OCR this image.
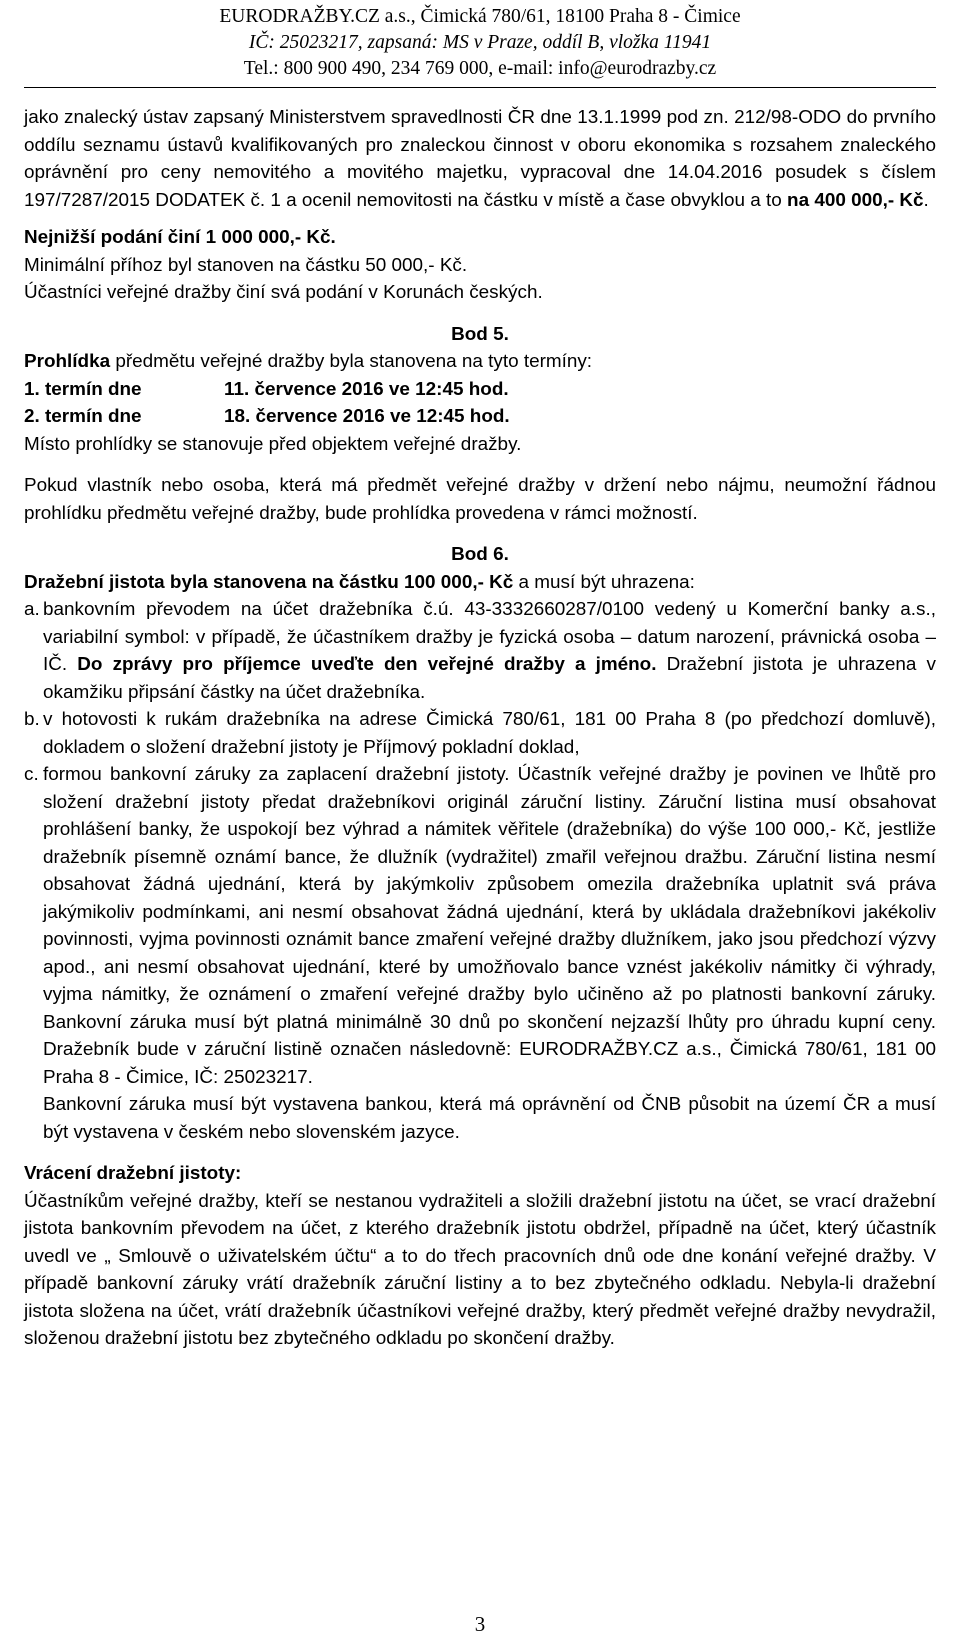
EURODRAŽBY.CZ a.s., Čimická 780/61, 18100 Praha 8 - Čimice
IČ: 25023217, zapsaná: MS v Praze, oddíl B, vložka 11941
Tel.: 800 900 490, 234 769 000, e-mail: info@eurodrazby.cz

jako znalecký ústav zapsaný Ministerstvem spravedlnosti ČR dne 13.1.1999 pod zn. 212/98-ODO do prvního oddílu seznamu ústavů kvalifikovaných pro znaleckou činnost v oboru ekonomika s rozsahem znaleckého oprávnění pro ceny nemovitého a movitého majetku, vypracoval dne 14.04.2016 posudek s číslem 197/7287/2015 DODATEK č. 1 a ocenil nemovitosti na částku v místě a čase obvyklou a to na 400 000,- Kč.

Nejnižší podání činí 1 000 000,- Kč.

Minimální příhoz byl stanoven na částku 50 000,- Kč.

Účastníci veřejné dražby činí svá podání v Korunách českých.

Bod 5.

Prohlídka předmětu veřejné dražby byla stanovena na tyto termíny:

1. termín dne	11. července 2016 ve 12:45 hod.
2. termín dne	18. července 2016 ve 12:45 hod.

Místo prohlídky se stanovuje před objektem veřejné dražby.

Pokud vlastník nebo osoba, která má předmět veřejné dražby v držení nebo nájmu, neumožní řádnou prohlídku předmětu veřejné dražby, bude prohlídka provedena v rámci možností.

Bod 6.

Dražební jistota byla stanovena na částku 100 000,- Kč a musí být uhrazena:

a. bankovním převodem na účet dražebníka č.ú. 43-3332660287/0100 vedený u Komerční banky a.s., variabilní symbol: v případě, že účastníkem dražby je fyzická osoba – datum narození, právnická osoba – IČ. Do zprávy pro příjemce uveďte den veřejné dražby a jméno. Dražební jistota je uhrazena v okamžiku připsání částky na účet dražebníka.
b. v hotovosti k rukám dražebníka na adrese Čimická 780/61, 181 00 Praha 8 (po předchozí domluvě), dokladem o složení dražební jistoty je Příjmový pokladní doklad,
c. formou bankovní záruky za zaplacení dražební jistoty. Účastník veřejné dražby je povinen ve lhůtě pro složení dražební jistoty předat dražebníkovi originál záruční listiny. Záruční listina musí obsahovat prohlášení banky, že uspokojí bez výhrad a námitek věřitele (dražebníka) do výše 100 000,- Kč, jestliže dražebník písemně oznámí bance, že dlužník (vydražitel) zmařil veřejnou dražbu. Záruční listina nesmí obsahovat žádná ujednání, která by jakýmkoliv způsobem omezila dražebníka uplatnit svá práva jakýmikoliv podmínkami, ani nesmí obsahovat žádná ujednání, která by ukládala dražebníkovi jakékoliv povinnosti, vyjma povinnosti oznámit bance zmaření veřejné dražby dlužníkem, jako jsou předchozí výzvy apod., ani nesmí obsahovat ujednání, které by umožňovalo bance vznést jakékoliv námitky či výhrady, vyjma námitky, že oznámení o zmaření veřejné dražby bylo učiněno až po platnosti bankovní záruky. Bankovní záruka musí být platná minimálně 30 dnů po skončení nejzazší lhůty pro úhradu kupní ceny. Dražebník bude v záruční listině označen následovně: EURODRAŽBY.CZ a.s., Čimická 780/61, 181 00 Praha 8 - Čimice, IČ: 25023217.
Bankovní záruka musí být vystavena bankou, která má oprávnění od ČNB působit na území ČR a musí být vystavena v českém nebo slovenském jazyce.

Vrácení dražební jistoty:

Účastníkům veřejné dražby, kteří se nestanou vydražiteli a složili dražební jistotu na účet, se vrací dražební jistota bankovním převodem na účet, z kterého dražebník jistotu obdržel, případně na účet, který účastník uvedl ve „ Smlouvě o uživatelském účtu“ a to do třech pracovních dnů ode dne konání veřejné dražby. V případě bankovní záruky vrátí dražebník záruční listiny a to bez zbytečného odkladu. Nebyla-li dražební jistota složena na účet, vrátí dražebník účastníkovi veřejné dražby, který předmět veřejné dražby nevydražil, složenou dražební jistotu bez zbytečného odkladu po skončení dražby.

3
